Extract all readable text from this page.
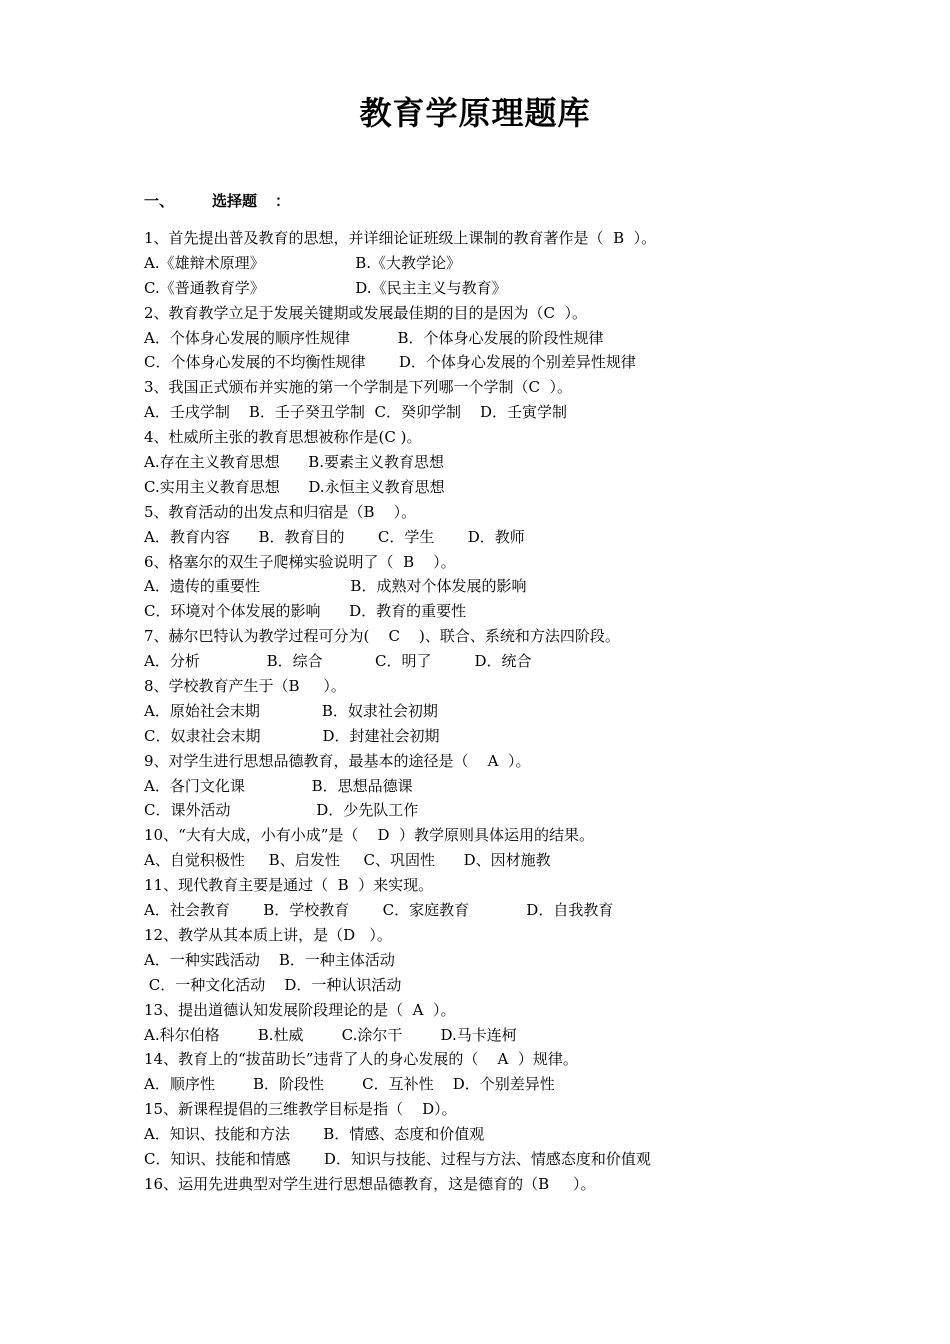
教育学原理题库
一、	选择题 ：
1、首先提出普及教育的思想，并详细论证班级上课制的教育著作是（  B  ）。
A.《雄辩术原理》                   B.《大教学论》
C.《普通教育学》                   D.《民主主义与教育》
2、教育教学立足于发展关键期或发展最佳期的目的是因为（C  ）。
A．个体身心发展的顺序性规律          B．个体身心发展的阶段性规律
C．个体身心发展的不均衡性规律       D．个体身心发展的个别差异性规律
3、我国正式颁布并实施的第一个学制是下列哪一个学制（C  ）。
A．壬戌学制    B．壬子癸丑学制  C．癸卯学制    D．壬寅学制
4、杜威所主张的教育思想被称作是(C )。
A.存在主义教育思想      B.要素主义教育思想
C.实用主义教育思想      D.永恒主义教育思想
5、教育活动的出发点和归宿是（B    ）。
A．教育内容      B．教育目的       C．学生       D．教师
6、格塞尔的双生子爬梯实验说明了（  B    ）。
A．遗传的重要性                   B．成熟对个体发展的影响
C．环境对个体发展的影响      D．教育的重要性
7、赫尔巴特认为教学过程可分为(    C    )、联合、系统和方法四阶段。
A．分析              B．综合           C．明了         D．统合
8、学校教育产生于（B     ）。
A．原始社会末期             B．奴隶社会初期
C．奴隶社会末期             D．封建社会初期
9、对学生进行思想品德教育，最基本的途径是（    A  ）。
A．各门文化课              B．思想品德课
C．课外活动                  D．少先队工作
10、“大有大成，小有小成”是（    D  ）教学原则具体运用的结果。
A、自觉积极性     B、启发性     C、巩固性      D、因材施教
11、现代教育主要是通过（  B  ）来实现。
A．社会教育       B．学校教育       C．家庭教育            D．自我教育
12、教学从其本质上讲，是（D   ）。
A．一种实践活动    B．一种主体活动
C．一种文化活动    D．一种认识活动
13、提出道德认知发展阶段理论的是（  A  ）。
A.科尔伯格        B.杜威        C.涂尔干        D.马卡连柯
14、教育上的“拔苗助长”违背了人的身心发展的（    A  ）规律。
A．顺序性        B．阶段性        C．互补性    D．个别差异性
15、新课程提倡的三维教学目标是指（    D）。
A．知识、技能和方法       B．情感、态度和价值观
C．知识、技能和情感       D．知识与技能、过程与方法、情感态度和价值观
16、运用先进典型对学生进行思想品德教育，这是德育的（B     ）。
